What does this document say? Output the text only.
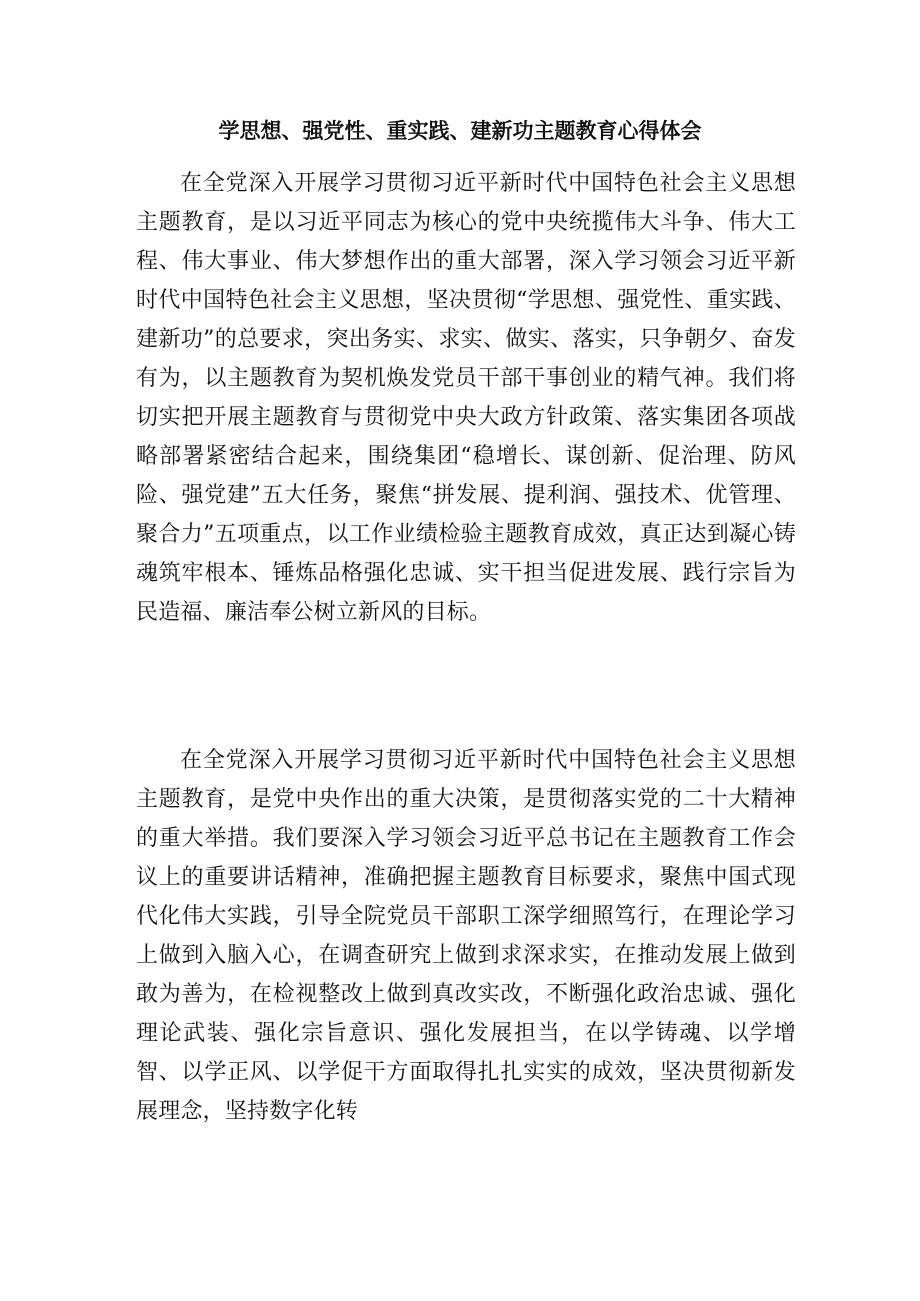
学思想、强党性、重实践、建新功主题教育心得体会

在全党深入开展学习贯彻习近平新时代中国特色社会主义思想主题教育，是以习近平同志为核心的党中央统揽伟大斗争、伟大工程、伟大事业、伟大梦想作出的重大部署，深入学习领会习近平新时代中国特色社会主义思想，坚决贯彻“学思想、强党性、重实践、建新功”的总要求，突出务实、求实、做实、落实，只争朝夕、奋发有为，以主题教育为契机焕发党员干部干事创业的精气神。我们将切实把开展主题教育与贯彻党中央大政方针政策、落实集团各项战略部署紧密结合起来，围绕集团“稳增长、谋创新、促治理、防风险、强党建”五大任务，聚焦“拼发展、提利润、强技术、优管理、聚合力”五项重点，以工作业绩检验主题教育成效，真正达到凝心铸魂筑牢根本、锤炼品格强化忠诚、实干担当促进发展、践行宗旨为民造福、廉洁奉公树立新风的目标。

在全党深入开展学习贯彻习近平新时代中国特色社会主义思想主题教育，是党中央作出的重大决策，是贯彻落实党的二十大精神的重大举措。我们要深入学习领会习近平总书记在主题教育工作会议上的重要讲话精神，准确把握主题教育目标要求，聚焦中国式现代化伟大实践，引导全院党员干部职工深学细照笃行，在理论学习上做到入脑入心，在调查研究上做到求深求实，在推动发展上做到敢为善为，在检视整改上做到真改实改，不断强化政治忠诚、强化理论武装、强化宗旨意识、强化发展担当，在以学铸魂、以学增智、以学正风、以学促干方面取得扎扎实实的成效，坚决贯彻新发展理念，坚持数字化转
